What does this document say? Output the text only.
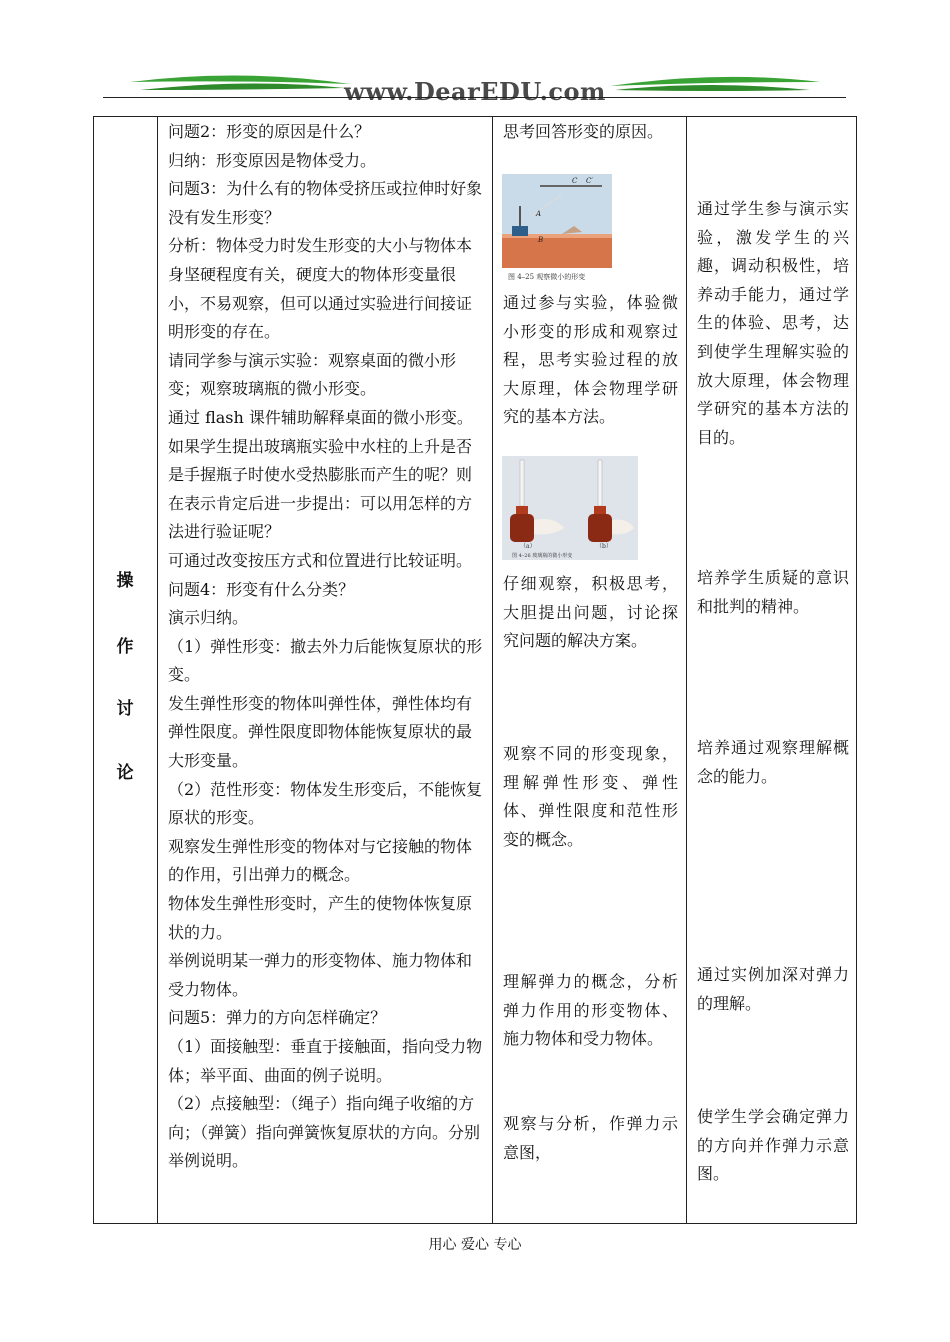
www.DearEDU.com
操
作
讨
论

问题2：形变的原因是什么？

归纳：形变原因是物体受力。

问题3：为什么有的物体受挤压或拉伸时好象没有发生形变？

分析：物体受力时发生形变的大小与物体本身坚硬程度有关，硬度大的物体形变量很小，不易观察，但可以通过实验进行间接证明形变的存在。

请同学参与演示实验：观察桌面的微小形变；观察玻璃瓶的微小形变。

通过 flash 课件辅助解释桌面的微小形变。

如果学生提出玻璃瓶实验中水柱的上升是否是手握瓶子时使水受热膨胀而产生的呢？则在表示肯定后进一步提出：可以用怎样的方法进行验证呢？

可通过改变按压方式和位置进行比较证明。

问题4：形变有什么分类？

演示归纳。

（1）弹性形变：撤去外力后能恢复原状的形变。

发生弹性形变的物体叫弹性体，弹性体均有弹性限度。弹性限度即物体能恢复原状的最大形变量。

（2）范性形变：物体发生形变后，不能恢复原状的形变。

观察发生弹性形变的物体对与它接触的物体的作用，引出弹力的概念。

物体发生弹性形变时，产生的使物体恢复原状的力。

举例说明某一弹力的形变物体、施力物体和受力物体。

问题5：弹力的方向怎样确定？

（1）面接触型：垂直于接触面，指向受力物体；举平面、曲面的例子说明。

（2）点接触型：（绳子）指向绳子收缩的方向；（弹簧）指向弹簧恢复原状的方向。分别举例说明。

思考回答形变的原因。

C C′
A
B
图 4–25 观察微小的形变

通过参与实验，体验微小形变的形成和观察过程，思考实验过程的放大原理，体会物理学研究的基本方法。

（a）	（b）
图 4–26 玻璃瓶的微小形变

仔细观察，积极思考，大胆提出问题，讨论探究问题的解决方案。

观察不同的形变现象，理解弹性形变、弹性体、弹性限度和范性形变的概念。

理解弹力的概念，分析弹力作用的形变物体、施力物体和受力物体。

观察与分析，作弹力示意图，

通过学生参与演示实验，激发学生的兴趣，调动积极性，培养动手能力，通过学生的体验、思考，达到使学生理解实验的放大原理，体会物理学研究的基本方法的目的。

培养学生质疑的意识和批判的精神。

培养通过观察理解概念的能力。

通过实例加深对弹力的理解。

使学生学会确定弹力的方向并作弹力示意图。

用心 爱心 专心
